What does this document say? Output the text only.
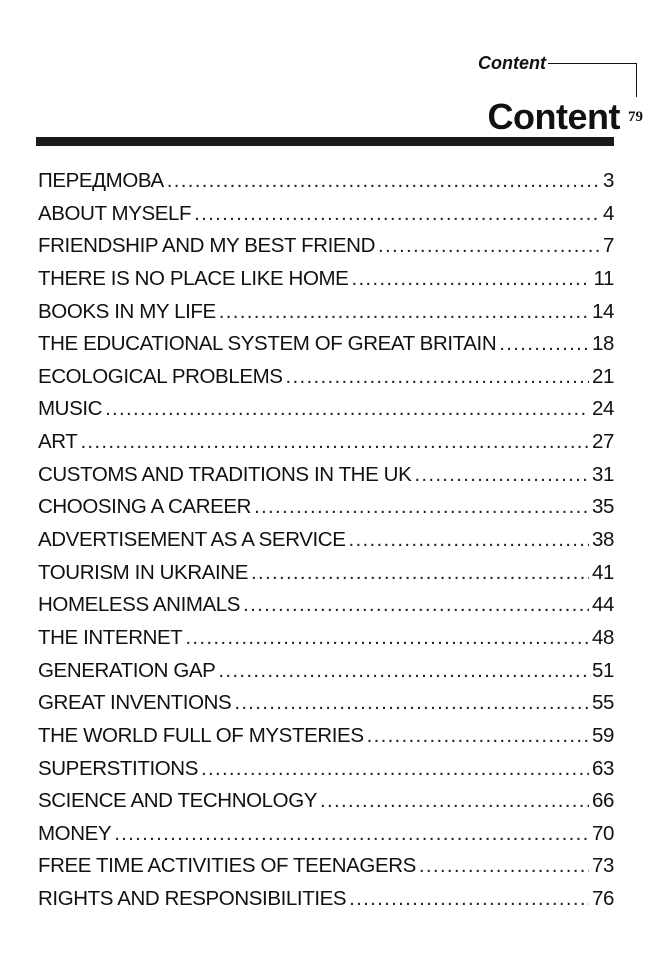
Content
79
Content
ПЕРЕДМОВА . . .	3
ABOUT MYSELF . . .	4
FRIENDSHIP AND MY BEST FRIEND . . .	7
THERE IS NO PLACE LIKE HOME . . .	11
BOOKS IN MY LIFE . . .	14
THE EDUCATIONAL SYSTEM OF GREAT BRITAIN . . .	18
ECOLOGICAL PROBLEMS . . .	21
MUSIC . . .	24
ART . . .	27
CUSTOMS AND TRADITIONS IN THE UK . . .	31
CHOOSING A CAREER . . .	35
ADVERTISEMENT AS A SERVICE . . .	38
TOURISM IN UKRAINE . . .	41
HOMELESS ANIMALS . . .	44
THE INTERNET . . .	48
GENERATION GAP . . .	51
GREAT INVENTIONS . . .	55
THE WORLD FULL OF MYSTERIES . . .	59
SUPERSTITIONS . . .	63
SCIENCE AND TECHNOLOGY . . .	66
MONEY . . .	70
FREE TIME ACTIVITIES OF TEENAGERS . . .	73
RIGHTS AND RESPONSIBILITIES . . .	76
